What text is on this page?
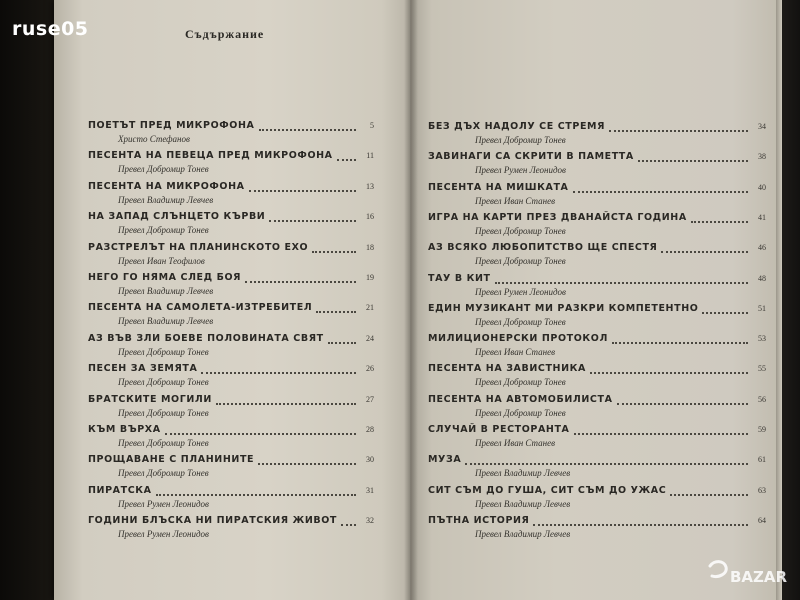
Съдържание
ПОЕТЪТ ПРЕД МИКРОФОНА	5
Христо Стефанов
ПЕСЕНТА НА ПЕВЕЦА ПРЕД МИКРОФОНА	11
Превел Добромир Тонев
ПЕСЕНТА НА МИКРОФОНА	13
Превел Владимир Левчев
НА ЗАПАД СЛЪНЦЕТО КЪРВИ	16
Превел Добромир Тонев
РАЗСТРЕЛЪТ НА ПЛАНИНСКОТО ЕХО	18
Превел Иван Теофилов
НЕГО ГО НЯМА СЛЕД БОЯ	19
Превел Владимир Левчев
ПЕСЕНТА НА САМОЛЕТА-ИЗТРЕБИТЕЛ	21
Превел Владимир Левчев
АЗ ВЪВ ЗЛИ БОЕВЕ ПОЛОВИНАТА СВЯТ	24
Превел Добромир Тонев
ПЕСЕН ЗА ЗЕМЯТА	26
Превел Добромир Тонев
БРАТСКИТЕ МОГИЛИ	27
Превел Добромир Тонев
КЪМ ВЪРХА	28
Превел Добромир Тонев
ПРОЩАВАНЕ С ПЛАНИНИТЕ	30
Превел Добромир Тонев
ПИРАТСКА	31
Превел Румен Леонидов
ГОДИНИ БЛЪСКА НИ ПИРАТСКИЯ ЖИВОТ	32
Превел Румен Леонидов
БЕЗ ДЪХ НАДОЛУ СЕ СТРЕМЯ	34
Превел Добромир Тонев
ЗАВИНАГИ СА СКРИТИ В ПАМЕТТА	38
Превел Румен Леонидов
ПЕСЕНТА НА МИШКАТА	40
Превел Иван Станев
ИГРА НА КАРТИ ПРЕЗ ДВАНАЙСТА ГОДИНА	41
Превел Добромир Тонев
АЗ ВСЯКО ЛЮБОПИТСТВО ЩЕ СПЕСТЯ	46
Превел Добромир Тонев
ТАУ В КИТ	48
Превел Румен Леонидов
ЕДИН МУЗИКАНТ МИ РАЗКРИ КОМПЕТЕНТНО	51
Превел Добромир Тонев
МИЛИЦИОНЕРСКИ ПРОТОКОЛ	53
Превел Иван Станев
ПЕСЕНТА НА ЗАВИСТНИКА	55
Превел Добромир Тонев
ПЕСЕНТА НА АВТОМОБИЛИСТА	56
Превел Добромир Тонев
СЛУЧАЙ В РЕСТОРАНТА	59
Превел Иван Станев
МУЗА	61
Превел Владимир Левчев
СИТ СЪМ ДО ГУША, СИТ СЪМ ДО УЖАС	63
Превел Владимир Левчев
ПЪТНА ИСТОРИЯ	64
Превел Владимир Левчев
ruse05
BAZAR
